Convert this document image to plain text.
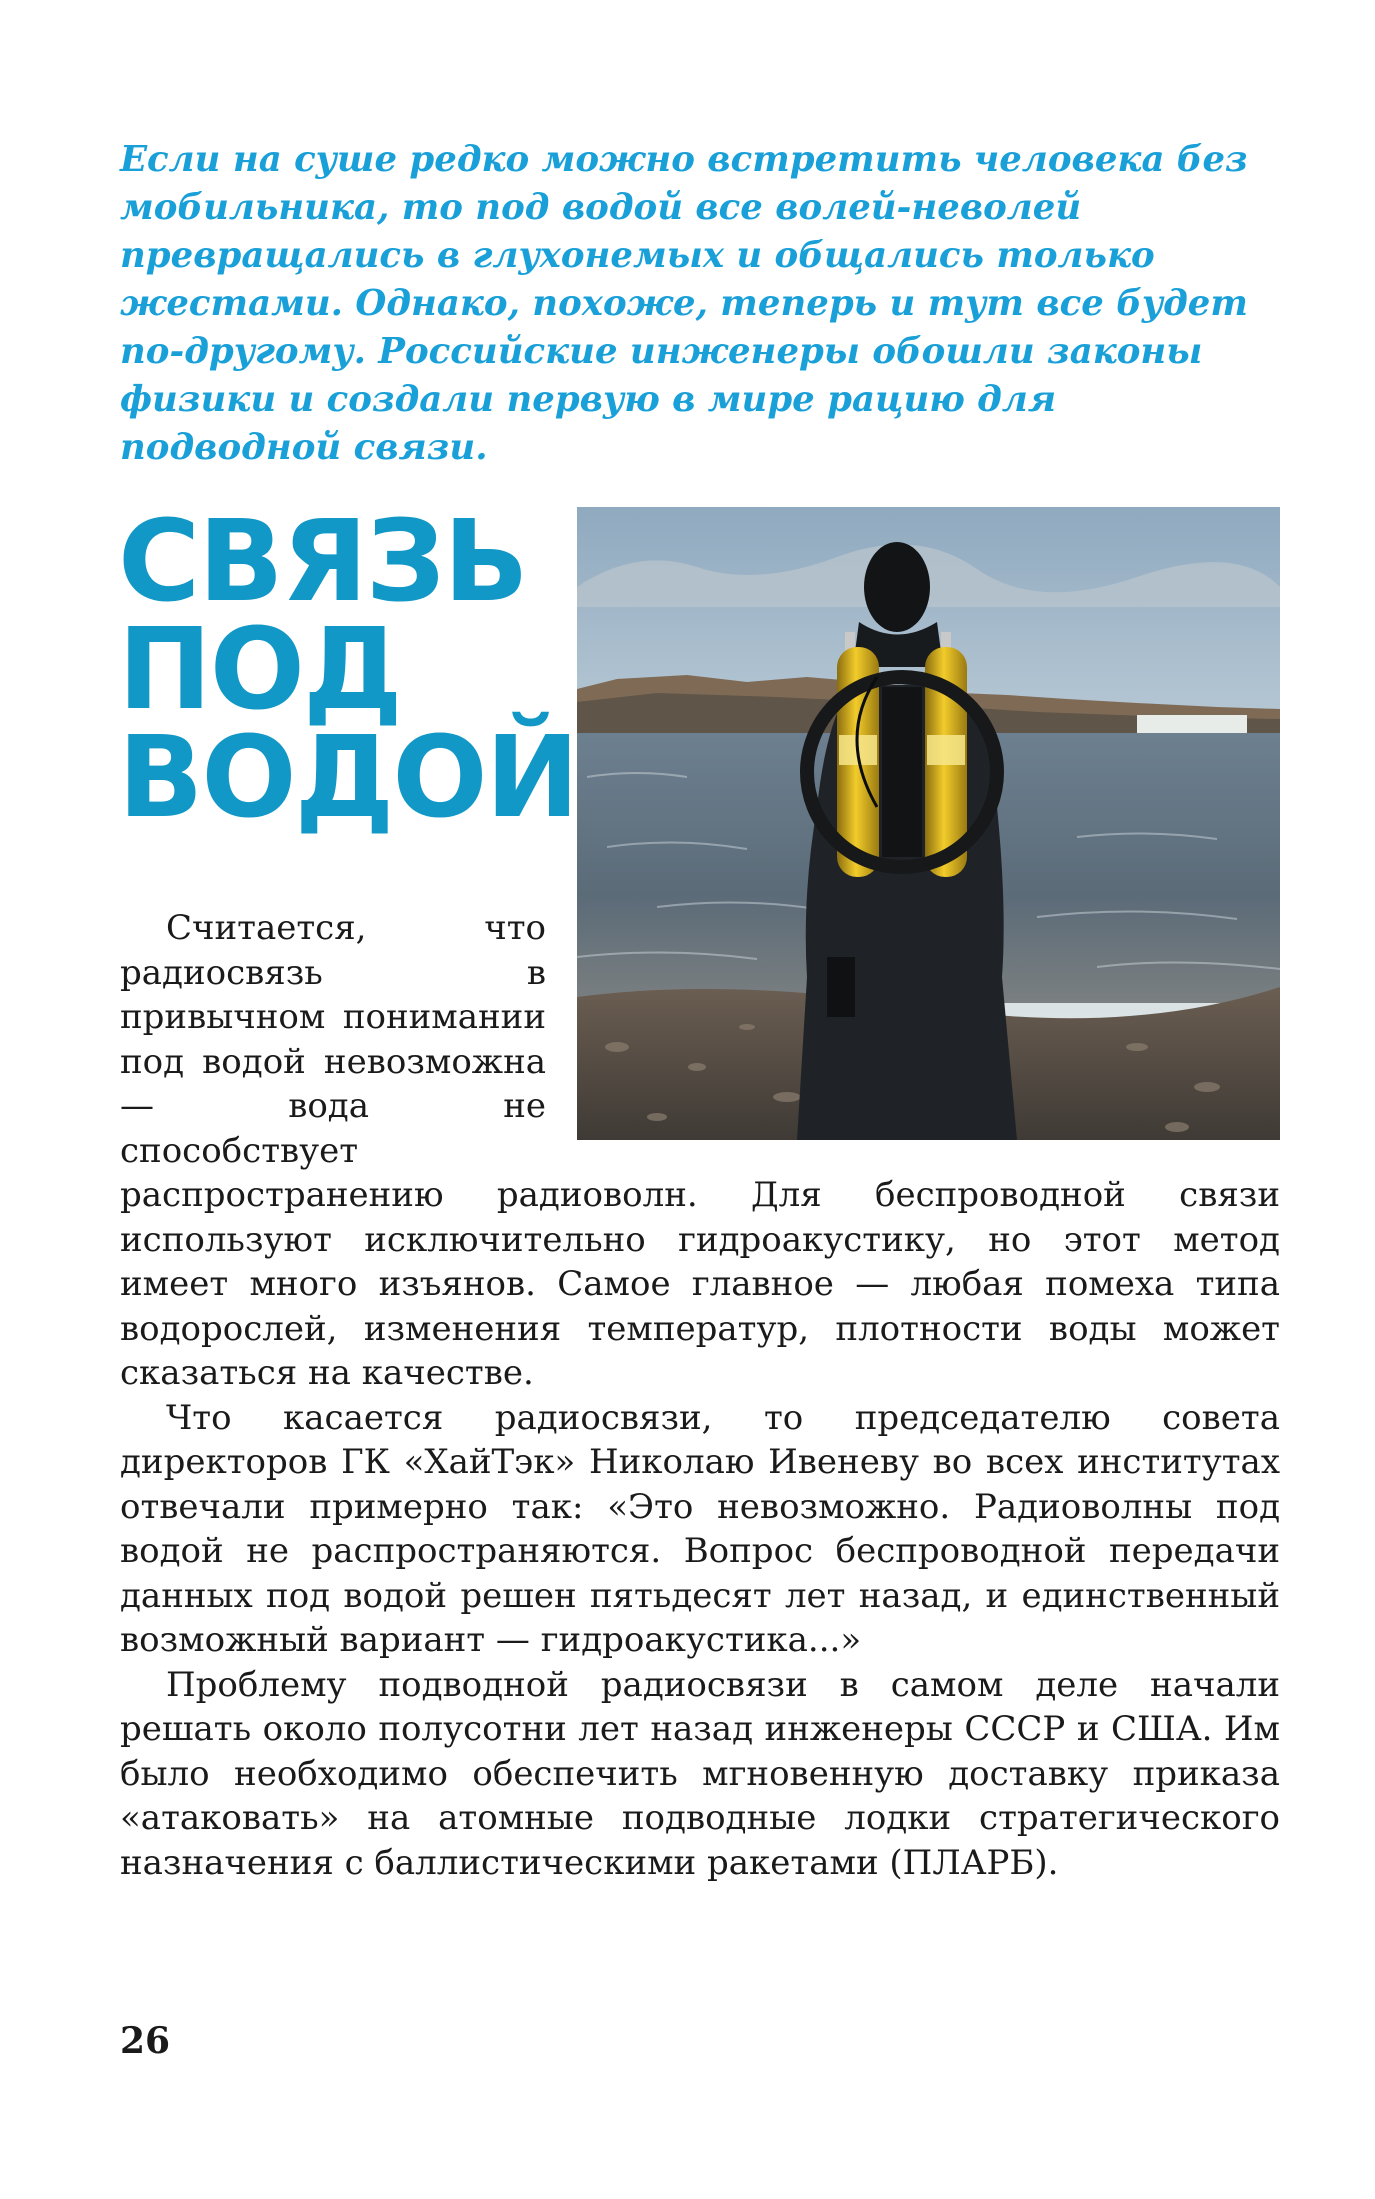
Если на суше редко можно встретить человека без мобильника, то под водой все волей-неволей превращались в глухонемых и общались только жестами. Однако, похоже, теперь и тут все будет по-другому. Российские инженеры обошли законы физики и создали первую в мире рацию для подводной связи.

СВЯЗЬ
ПОД
ВОДОЙ

Считается, что радиосвязь в привычном понимании под водой невозможна — вода не способствует распространению радиоволн. Для беспроводной связи используют исключительно гидроакустику, но этот метод имеет много изъянов. Самое главное — любая помеха типа водорослей, изменения температур, плотности воды может сказаться на качестве.

Что касается радиосвязи, то председателю совета директоров ГК «ХайТэк» Николаю Ивеневу во всех институтах отвечали примерно так: «Это невозможно. Радиоволны под водой не распространяются. Вопрос беспроводной передачи данных под водой решен пятьдесят лет назад, и единственный возможный вариант — гидроакустика...»

Проблему подводной радиосвязи в самом деле начали решать около полусотни лет назад инженеры СССР и США. Им было необходимо обеспечить мгновенную доставку приказа «атаковать» на атомные подводные лодки стратегического назначения с баллистическими ракетами (ПЛАРБ).

26
